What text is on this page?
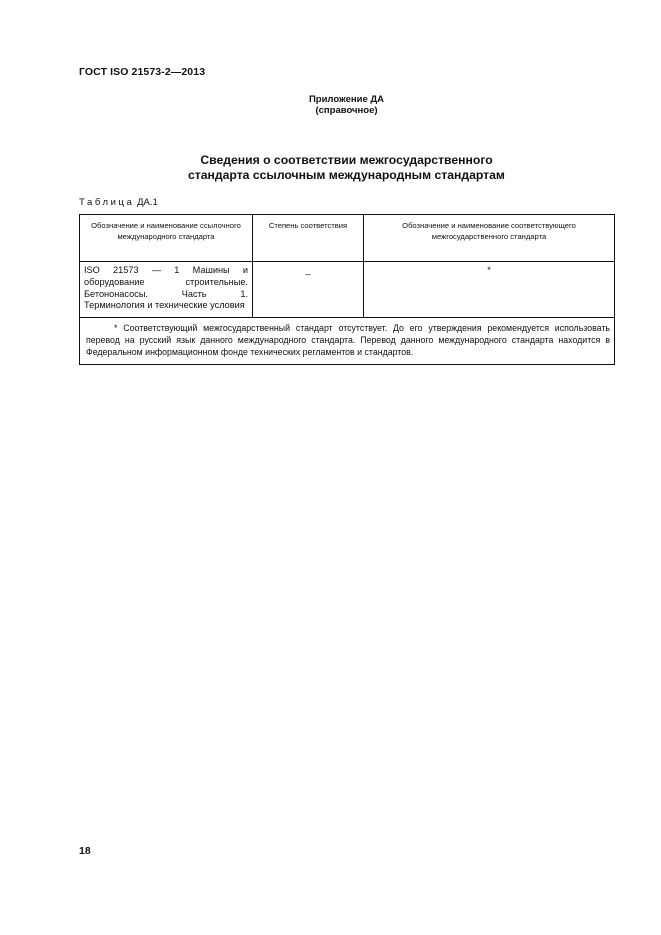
ГОСТ ISO 21573-2—2013
Приложение ДА
(справочное)
Сведения о соответствии межгосударственного
стандарта ссылочным международным стандартам
Таблица ДА.1
Обозначение и наименование ссылочного международного стандарта	Степень соответствия	Обозначение и наименование соответствующего межгосударственного стандарта
ISO 21573 — 1 Машины и оборудование строительные. Бетононасосы. Часть 1. Терминология и технические условия	_	*
* Соответствующий межгосударственный стандарт отсутствует. До его утверждения рекомендуется использовать перевод на русский язык данного международного стандарта. Перевод данного международного стандарта находится в Федеральном информационном фонде технических регламентов и стандартов.		
18
